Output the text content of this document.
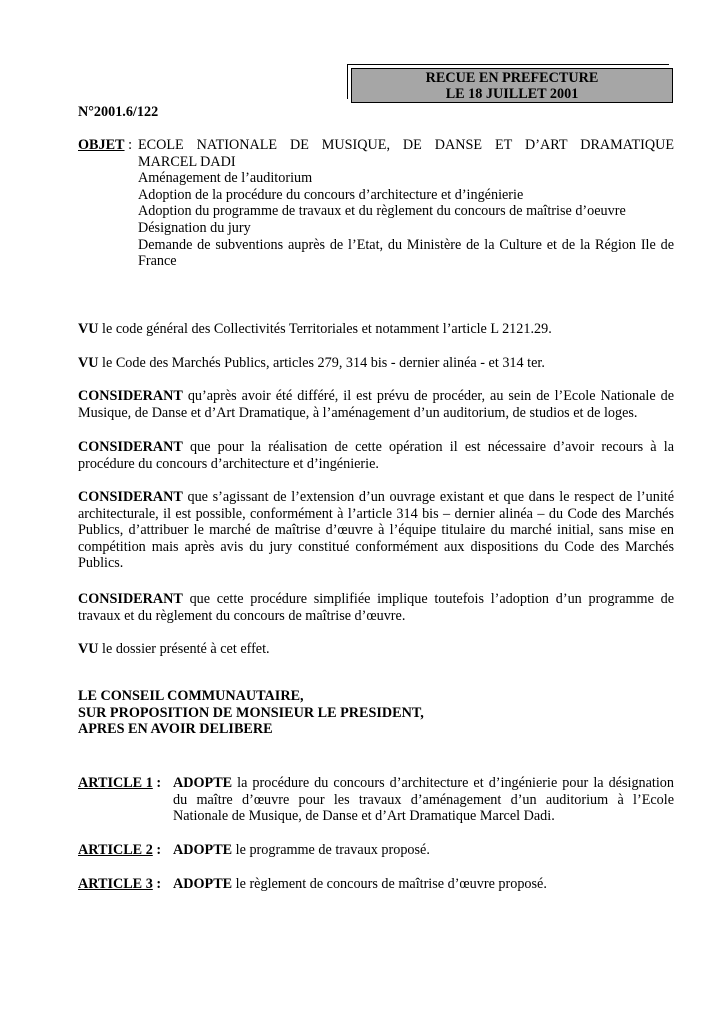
RECUE EN PREFECTURE
LE 18 JUILLET 2001
N°2001.6/122
OBJET : ECOLE NATIONALE DE MUSIQUE, DE DANSE ET D’ART DRAMATIQUE
MARCEL DADI
Aménagement de l’auditorium
Adoption de la procédure du concours d’architecture et d’ingénierie
Adoption du programme de travaux et du règlement du concours de maîtrise d’oeuvre
Désignation du jury
Demande de subventions auprès de l’Etat, du Ministère de la Culture et de la Région Ile de France
VU le code général des Collectivités Territoriales et notamment l’article L 2121.29.
VU le Code des Marchés Publics, articles 279, 314 bis - dernier alinéa - et 314 ter.
CONSIDERANT qu’après avoir été différé, il est prévu de procéder, au sein de l’Ecole Nationale de Musique, de Danse et d’Art Dramatique, à l’aménagement d’un auditorium, de studios et de loges.
CONSIDERANT que pour la réalisation de cette opération il est nécessaire d’avoir recours à la procédure du concours d’architecture et d’ingénierie.
CONSIDERANT que s’agissant de l’extension d’un ouvrage existant et que dans le respect de l’unité architecturale, il est possible, conformément à l’article 314 bis – dernier alinéa – du Code des Marchés Publics, d’attribuer le marché de maîtrise d’œuvre à l’équipe titulaire du marché initial, sans mise en compétition mais après avis du jury constitué conformément aux dispositions du Code des Marchés Publics.
CONSIDERANT que cette procédure simplifiée implique toutefois l’adoption d’un programme de travaux et du règlement du concours de maîtrise d’œuvre.
VU le dossier présenté à cet effet.
LE CONSEIL COMMUNAUTAIRE,
SUR PROPOSITION DE MONSIEUR LE PRESIDENT,
APRES EN AVOIR DELIBERE
ARTICLE 1 : ADOPTE la procédure du concours d’architecture et d’ingénierie pour la désignation du maître d’œuvre pour les travaux d’aménagement d’un auditorium à l’Ecole Nationale de Musique, de Danse et d’Art Dramatique Marcel Dadi.
ARTICLE 2 : ADOPTE le programme de travaux proposé.
ARTICLE 3 : ADOPTE le règlement de concours de maîtrise d’œuvre proposé.
